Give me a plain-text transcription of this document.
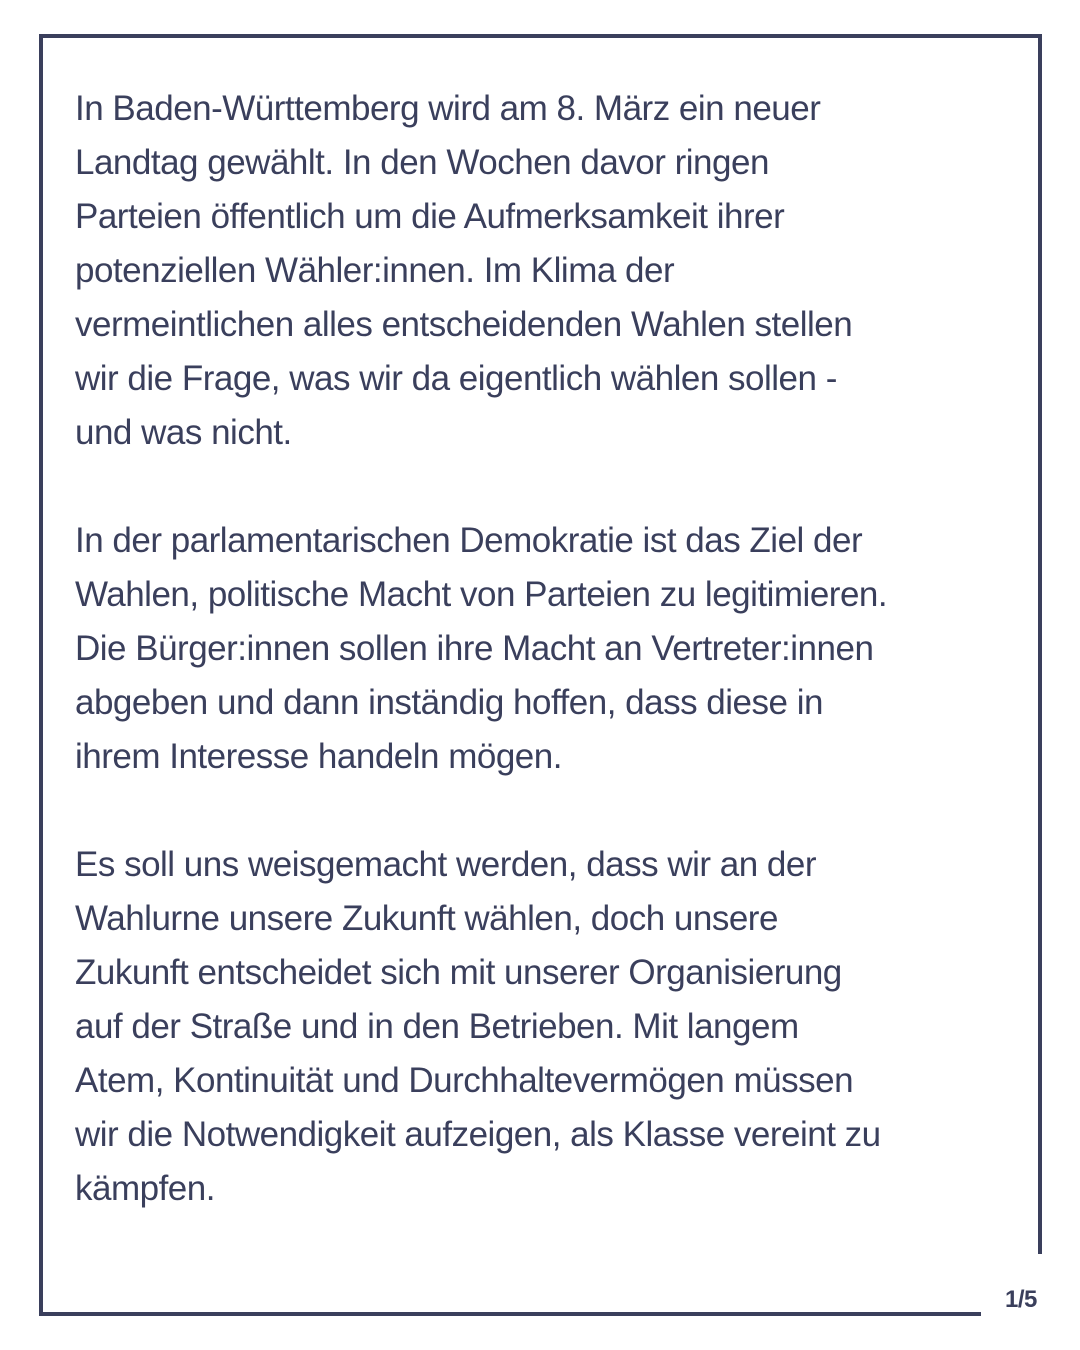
In Baden-Württemberg wird am 8. März ein neuer
Landtag gewählt. In den Wochen davor ringen
Parteien öffentlich um die Aufmerksamkeit ihrer
potenziellen Wähler:innen. Im Klima der
vermeintlichen alles entscheidenden Wahlen stellen
wir die Frage, was wir da eigentlich wählen sollen -
und was nicht.

In der parlamentarischen Demokratie ist das Ziel der
Wahlen, politische Macht von Parteien zu legitimieren.
Die Bürger:innen sollen ihre Macht an Vertreter:innen
abgeben und dann inständig hoffen, dass diese in
ihrem Interesse handeln mögen.

Es soll uns weisgemacht werden, dass wir an der
Wahlurne unsere Zukunft wählen, doch unsere
Zukunft entscheidet sich mit unserer Organisierung
auf der Straße und in den Betrieben. Mit langem
Atem, Kontinuität und Durchhaltevermögen müssen
wir die Notwendigkeit aufzeigen, als Klasse vereint zu
kämpfen.

1/5
